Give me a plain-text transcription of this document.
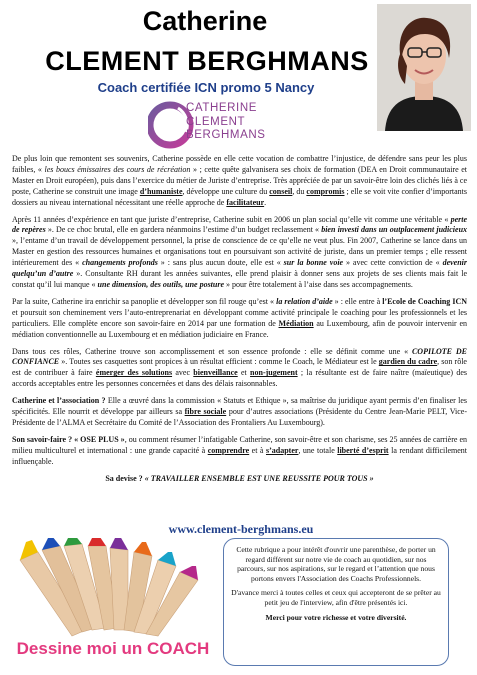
Catherine
CLEMENT BERGHMANS
Coach certifiée ICN promo 5 Nancy
CATHERINE
CLEMENT
BERGHMANS

De plus loin que remontent ses souvenirs, Catherine possède en elle cette vocation de combattre l’injustice, de défendre sans peur les plus faibles, « les boucs émissaires des cours de récréation » ; cette quête galvanisera ses choix de formation (DEA en Droit communautaire et Master en Droit européen), puis dans l’exercice du métier de Juriste d’entreprise. Très appréciée de par un savoir-être loin des clichés liés à ce poste, Catherine se construit une image d’humaniste, développe une culture du conseil, du compromis ; elle se voit vite confier d’importants dossiers au niveau international nécessitant une réelle approche de facilitateur.

Après 11 années d’expérience en tant que juriste d’entreprise, Catherine subit en 2006 un plan social qu’elle vit comme une véritable « perte de repères ». De ce choc brutal, elle en gardera néanmoins l’estime d’un budget reclassement « bien investi dans un outplacement judicieux », l’entame d’un travail de développement personnel, la prise de conscience de ce qu’elle ne veut plus. Fin 2007, Catherine se lance dans un Master en gestion des ressources humaines et organisations tout en poursuivant son activité de juriste, dans un premier temps ; elle ressent intérieurement des « changements profonds » : sans plus aucun doute, elle est « sur la bonne voie » avec cette conviction de « devenir quelqu’un d’autre ». Consultante RH durant les années suivantes, elle prend plaisir à donner sens aux projets de ses clients mais fait le constat qu’il lui manque « une dimension, des outils, une posture » pour être totalement à l’aise dans ses accompagnements.

Par la suite, Catherine ira enrichir sa panoplie et développer son fil rouge qu’est « la relation d’aide » : elle entre à l’Ecole de Coaching ICN et poursuit son cheminement vers l’auto-entreprenariat en développant comme activité principale le coaching pour les professionnels et les particuliers. Elle complète encore son savoir-faire en 2014 par une formation de Médiation au Luxembourg, afin de pouvoir intervenir en médiation conventionnelle au Luxembourg et en médiation judiciaire en France.

Dans tous ces rôles, Catherine trouve son accomplissement et son essence profonde : elle se définit comme une « COPILOTE DE CONFIANCE ». Toutes ses casquettes sont propices à un résultat efficient : comme le Coach, le Médiateur est le gardien du cadre, son rôle est de contribuer à faire émerger des solutions avec bienveillance et non-jugement ; la résultante est de faire naître (maïeutique) des accords acceptables entre les personnes concernées et dans des délais raisonnables.

Catherine et l’association ? Elle a œuvré dans la commission « Statuts et Ethique », sa maîtrise du juridique ayant permis d’en finaliser les spécificités. Elle nourrit et développe par ailleurs sa fibre sociale pour d’autres associations (Présidente du Centre Jean-Marie PELT, Vice-Présidente de l’ALMA et Secrétaire du Comité de l’Association des Frontaliers Au Luxembourg).

Son savoir-faire ? « OSE PLUS », ou comment résumer l’infatigable Catherine, son savoir-être et son charisme, ses 25 années de carrière en milieu multiculturel et international : une grande capacité à comprendre et à s’adapter, une totale liberté d’esprit la rendant difficilement influençable.

Sa devise ? « TRAVAILLER ENSEMBLE EST UNE REUSSITE POUR TOUS »

www.clement-berghmans.eu
Dessine moi un COACH

Cette rubrique a pour intérêt d'ouvrir une parenthèse, de porter un regard différent sur notre vie de coach au quotidien, sur nos parcours, sur nos aspirations, sur le regard et l’attention que nous portons envers l'Association des Coachs Professionnels.

D'avance merci à toutes celles et ceux qui accepteront de se prêter au petit jeu de l'interview, afin d'être présentés ici.

Merci pour votre richesse et votre diversité.
